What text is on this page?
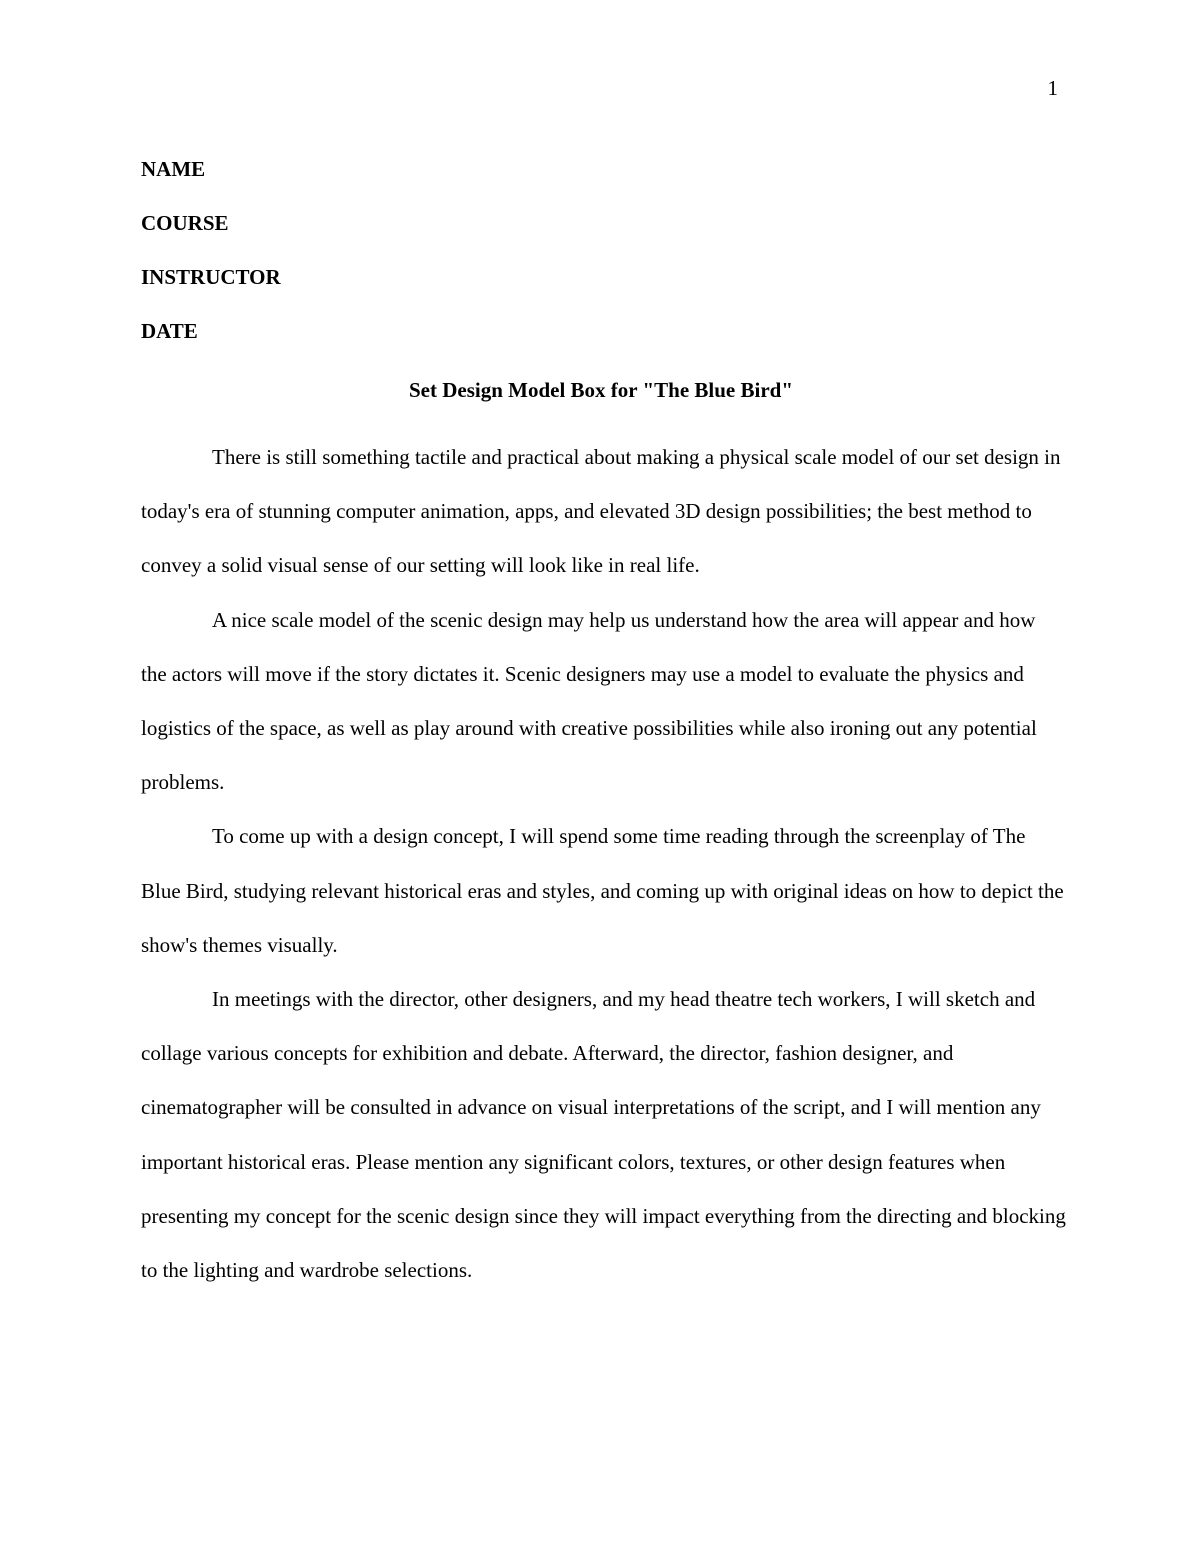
1
NAME
COURSE
INSTRUCTOR
DATE
Set Design Model Box for "The Blue Bird"

There is still something tactile and practical about making a physical scale model of our set design in today's era of stunning computer animation, apps, and elevated 3D design possibilities; the best method to convey a solid visual sense of our setting will look like in real life.

A nice scale model of the scenic design may help us understand how the area will appear and how the actors will move if the story dictates it. Scenic designers may use a model to evaluate the physics and logistics of the space, as well as play around with creative possibilities while also ironing out any potential problems.

To come up with a design concept, I will spend some time reading through the screenplay of The Blue Bird, studying relevant historical eras and styles, and coming up with original ideas on how to depict the show's themes visually.

In meetings with the director, other designers, and my head theatre tech workers, I will sketch and collage various concepts for exhibition and debate. Afterward, the director, fashion designer, and cinematographer will be consulted in advance on visual interpretations of the script, and I will mention any important historical eras. Please mention any significant colors, textures, or other design features when presenting my concept for the scenic design since they will impact everything from the directing and blocking to the lighting and wardrobe selections.
